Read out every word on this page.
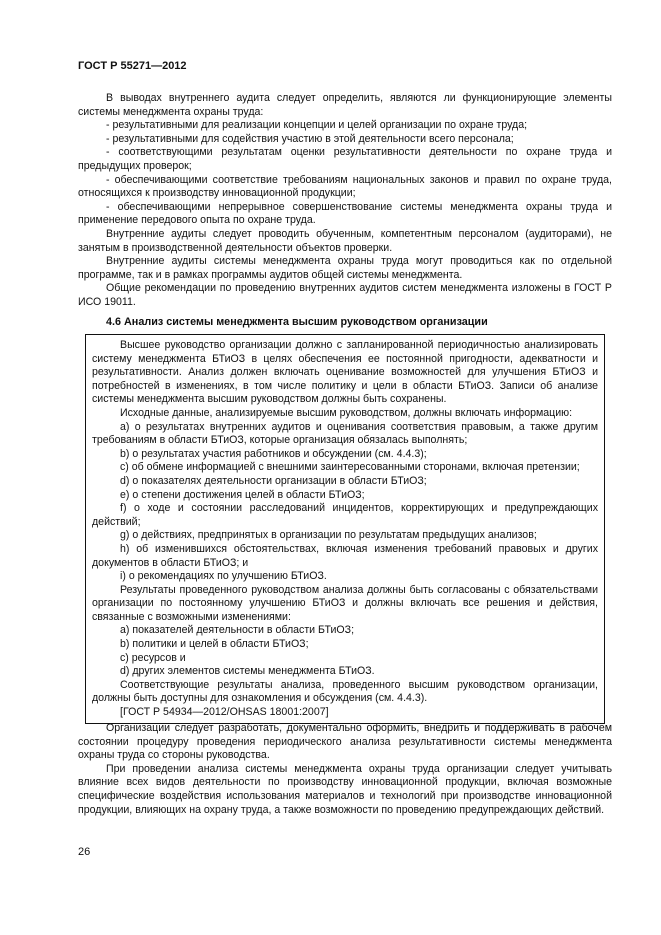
ГОСТ Р 55271—2012

В выводах внутреннего аудита следует определить, являются ли функционирующие элементы системы менеджмента охраны труда:

- результативными для реализации концепции и целей организации по охране труда;

- результативными для содействия участию в этой деятельности всего персонала;

- соответствующими результатам оценки результативности деятельности по охране труда и предыдущих проверок;

- обеспечивающими соответствие требованиям национальных законов и правил по охране труда, относящихся к производству инновационной продукции;

- обеспечивающими непрерывное совершенствование системы менеджмента охраны труда и применение передового опыта по охране труда.

Внутренние аудиты следует проводить обученным, компетентным персоналом (аудиторами), не занятым в производственной деятельности объектов проверки.

Внутренние аудиты системы менеджмента охраны труда могут проводиться как по отдельной программе, так и в рамках программы аудитов общей системы менеджмента.

Общие рекомендации по проведению внутренних аудитов систем менеджмента изложены в ГОСТ Р ИСО 19011.

4.6 Анализ системы менеджмента высшим руководством организации

Высшее руководство организации должно с запланированной периодичностью анализировать систему менеджмента БТиОЗ в целях обеспечения ее постоянной пригодности, адекватности и результативности. Анализ должен включать оценивание возможностей для улучшения БТиОЗ и потребностей в изменениях, в том числе политику и цели в области БТиОЗ. Записи об анализе системы менеджмента высшим руководством должны быть сохранены.

Исходные данные, анализируемые высшим руководством, должны включать информацию:

а) о результатах внутренних аудитов и оценивания соответствия правовым, а также другим требованиям в области БТиОЗ, которые организация обязалась выполнять;

b) о результатах участия работников и обсуждении (см. 4.4.3);

c) об обмене информацией с внешними заинтересованными сторонами, включая претензии;

d) о показателях деятельности организации в области БТиОЗ;

e) о степени достижения целей в области БТиОЗ;

f) о ходе и состоянии расследований инцидентов, корректирующих и предупреждающих действий;

g) о действиях, предпринятых в организации по результатам предыдущих анализов;

h) об изменившихся обстоятельствах, включая изменения требований правовых и других документов в области БТиОЗ; и

i) о рекомендациях по улучшению БТиОЗ.

Результаты проведенного руководством анализа должны быть согласованы с обязательствами организации по постоянному улучшению БТиОЗ и должны включать все решения и действия, связанные с возможными изменениями:

а) показателей деятельности в области БТиОЗ;

b) политики и целей в области БТиОЗ;

c) ресурсов и

d) других элементов системы менеджмента БТиОЗ.

Соответствующие результаты анализа, проведенного высшим руководством организации, должны быть доступны для ознакомления и обсуждения (см. 4.4.3).

[ГОСТ Р 54934—2012/OHSAS 18001:2007]

Организации следует разработать, документально оформить, внедрить и поддерживать в рабочем состоянии процедуру проведения периодического анализа результативности системы менеджмента охраны труда со стороны руководства.

При проведении анализа системы менеджмента охраны труда организации следует учитывать влияние всех видов деятельности по производству инновационной продукции, включая возможные специфические воздействия использования материалов и технологий при производстве инновационной продукции, влияющих на охрану труда, а также возможности по проведению предупреждающих действий.

26
